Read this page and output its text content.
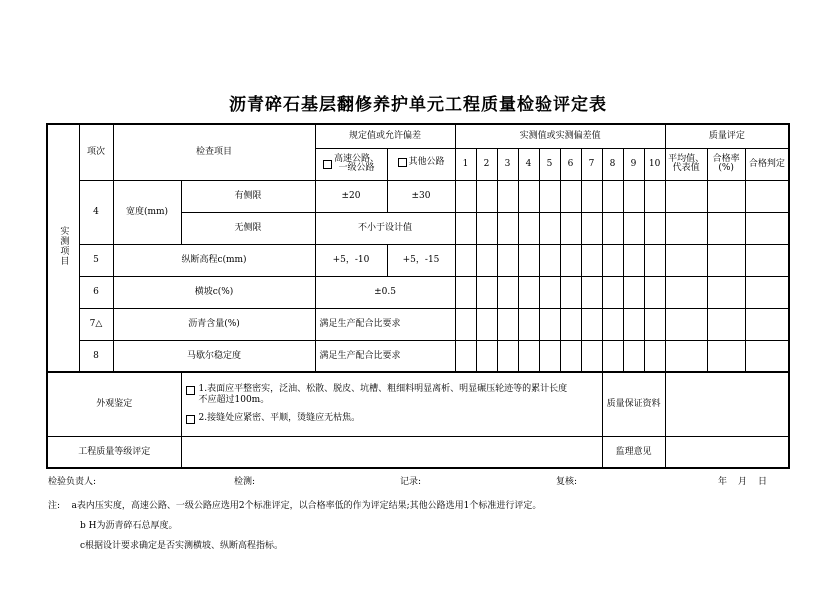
沥青碎石基层翻修养护单元工程质量检验评定表
实测项目	项次	检查项目		规定值或允许偏差		实测值或实测偏差值										质量评定		

				高速公路、
一级公路	其他公路	1	2	3	4	5	6	7	8	9	10	平均值、
代表值	合格率
(%)	合格判定
	4	宽度(mm)	有侧限	±20	±30													
			无侧限	不小于设计值														
	5	纵断高程c(mm)		+5，-10	+5，-15													
	6	横坡c(%)		±0.5														
	7△	沥青含量(%)		满足生产配合比要求														
	8	马歇尔稳定度		满足生产配合比要求														
外观鉴定			1.表面应平整密实，泛油、松散、脱皮、坑槽、粗细料明显离析、明显碾压轮迹等的累计长度
不应超过100m。
2.接缝处应紧密、平顺，烫缝应无枯焦。										质量保证资料					
工程质量等级评定													监理意见					
检验负责人:	检测:	记录:	复核:	年 月 日
注: a表内压实度，高速公路、一级公路应选用2个标准评定，以合格率低的作为评定结果;其他公路选用1个标准进行评定。
b H为沥青碎石总厚度。
c根据设计要求确定是否实测横坡、纵断高程指标。
